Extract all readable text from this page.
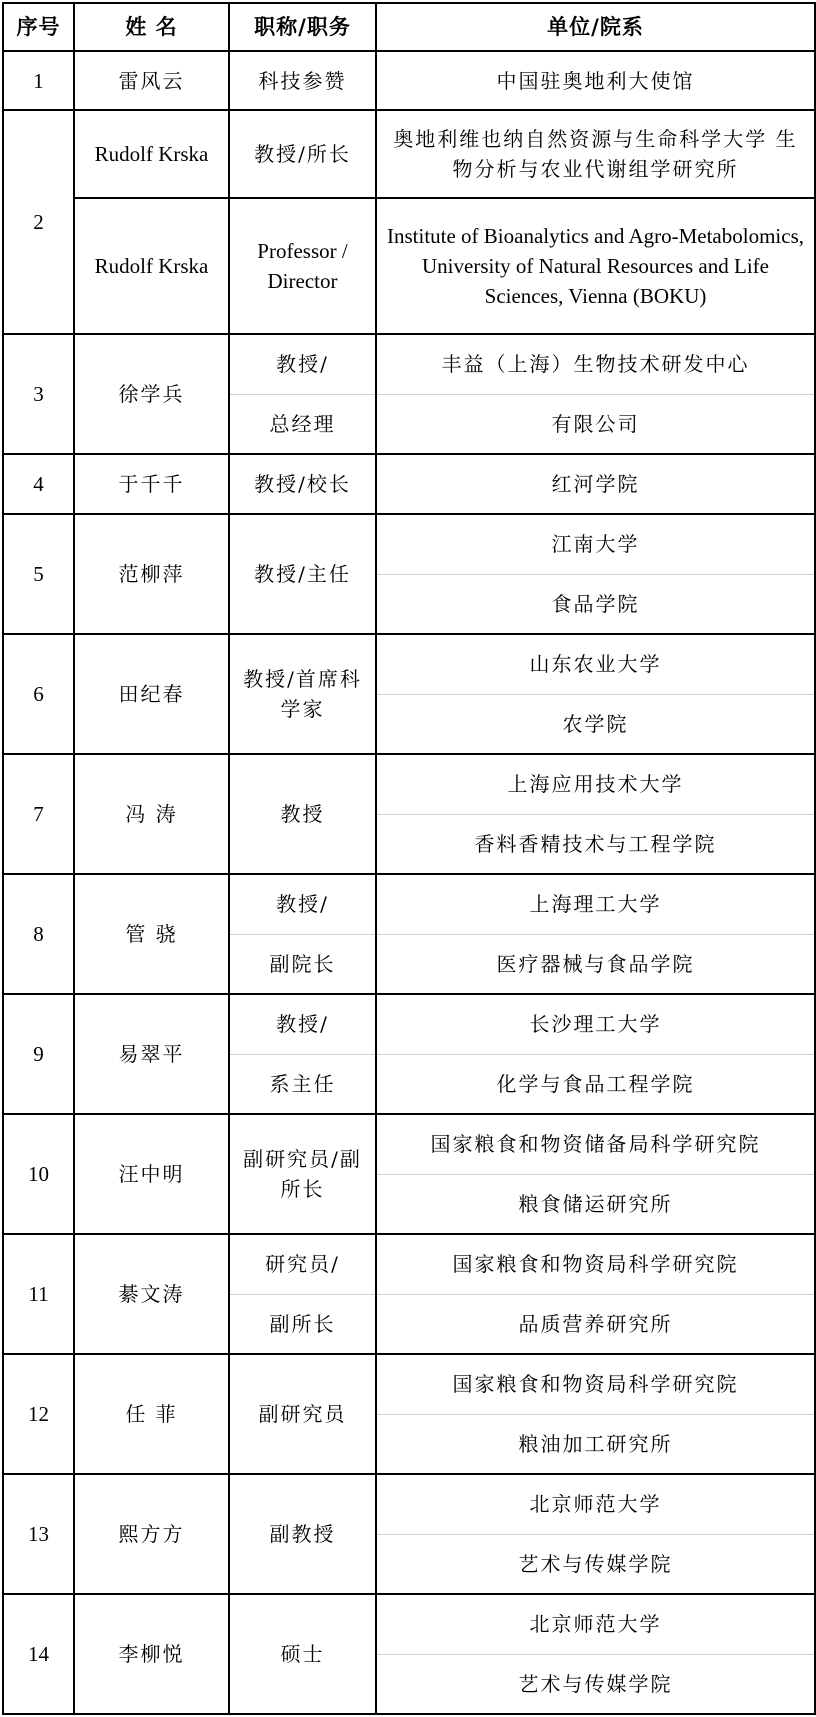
序号	姓 名	职称/职务	单位/院系
1	雷风云	科技参赞	中国驻奥地利大使馆
2	Rudolf Krska	教授/所长	奥地利维也纳自然资源与生命科学大学 生物分析与农业代谢组学研究所
	Rudolf Krska	Professor / Director	Institute of Bioanalytics and Agro-Metabolomics, University of Natural Resources and Life Sciences, Vienna (BOKU)
3	徐学兵	教授/	丰益（上海）生物技术研发中心
		总经理	有限公司
4	于千千	教授/校长	红河学院
5	范柳萍	教授/主任	江南大学
			食品学院
6	田纪春	教授/首席科学家	山东农业大学
			农学院
7	冯 涛	教授	上海应用技术大学
			香料香精技术与工程学院
8	管 骁	教授/	上海理工大学
		副院长	医疗器械与食品学院
9	易翠平	教授/	长沙理工大学
		系主任	化学与食品工程学院
10	汪中明	副研究员/副所长	国家粮食和物资储备局科学研究院
			粮食储运研究所
11	綦文涛	研究员/	国家粮食和物资局科学研究院
		副所长	品质营养研究所
12	任 菲	副研究员	国家粮食和物资局科学研究院
			粮油加工研究所
13	熙方方	副教授	北京师范大学
			艺术与传媒学院
14	李柳悦	硕士	北京师范大学
			艺术与传媒学院
